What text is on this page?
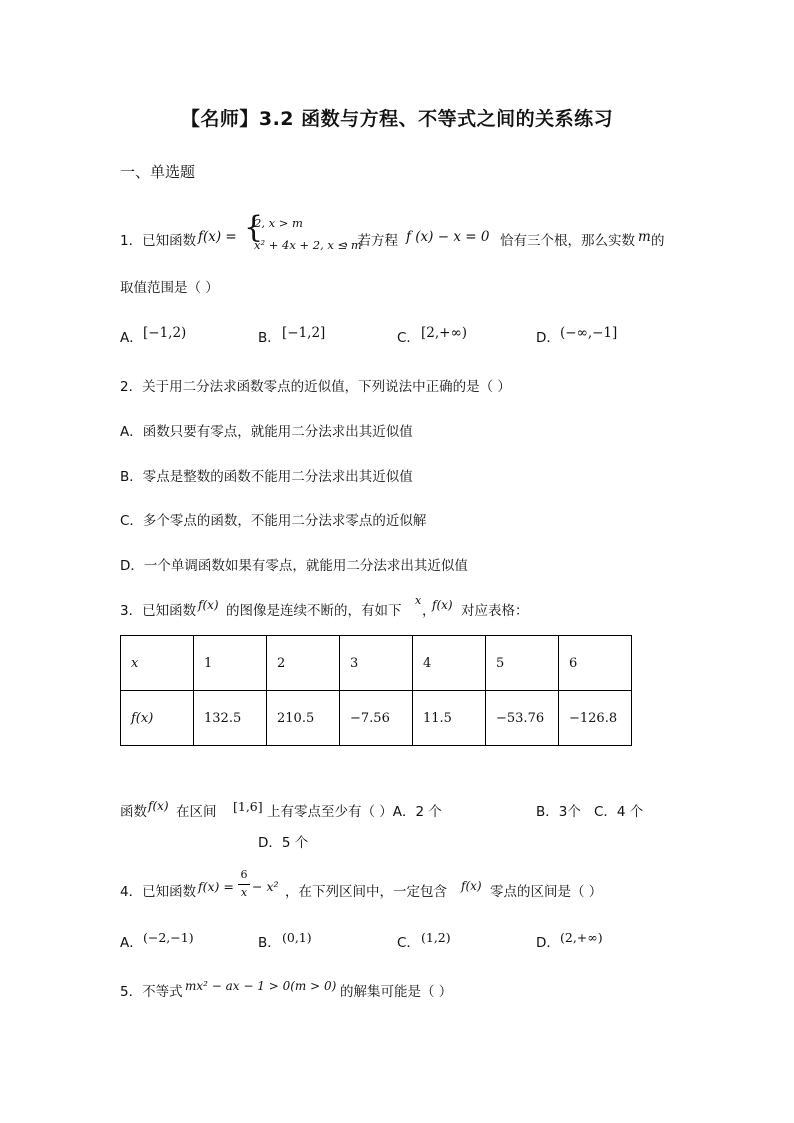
【名师】3.2 函数与方程、不等式之间的关系练习
一、单选题
1．已知函数 f(x) = {
2, x > m
x² + 4x + 2, x ≤ m
，若方程 f (x) − x = 0 恰有三个根，那么实数 m 的
取值范围是（ ）
A． [−1,2)	B． [−1,2]	C． [2,+∞)	D． (−∞,−1]
2．关于用二分法求函数零点的近似值，下列说法中正确的是（ ）
A．函数只要有零点，就能用二分法求出其近似值
B．零点是整数的函数不能用二分法求出其近似值
C．多个零点的函数，不能用二分法求零点的近似解
D．一个单调函数如果有零点，就能用二分法求出其近似值
3．已知函数 f(x) 的图像是连续不断的，有如下
x
，
f(x) 对应表格：
x	1	2	3	4	5	6
f(x)	132.5	210.5	−7.56	11.5	−53.76	−126.8
函数 f(x) 在区间 [1,6] 上有零点至少有（ ）A．2 个	B．3个 C．4 个
D．5 个
4．已知函数 f(x) =
6
x − x² ，在下列区间中，一定包含 f(x) 零点的区间是（ ）
A． (−2,−1)	B． (0,1)	C． (1,2)	D． (2,+∞)
5．不等式 mx² − ax − 1 > 0(m > 0) 的解集可能是（ ）
